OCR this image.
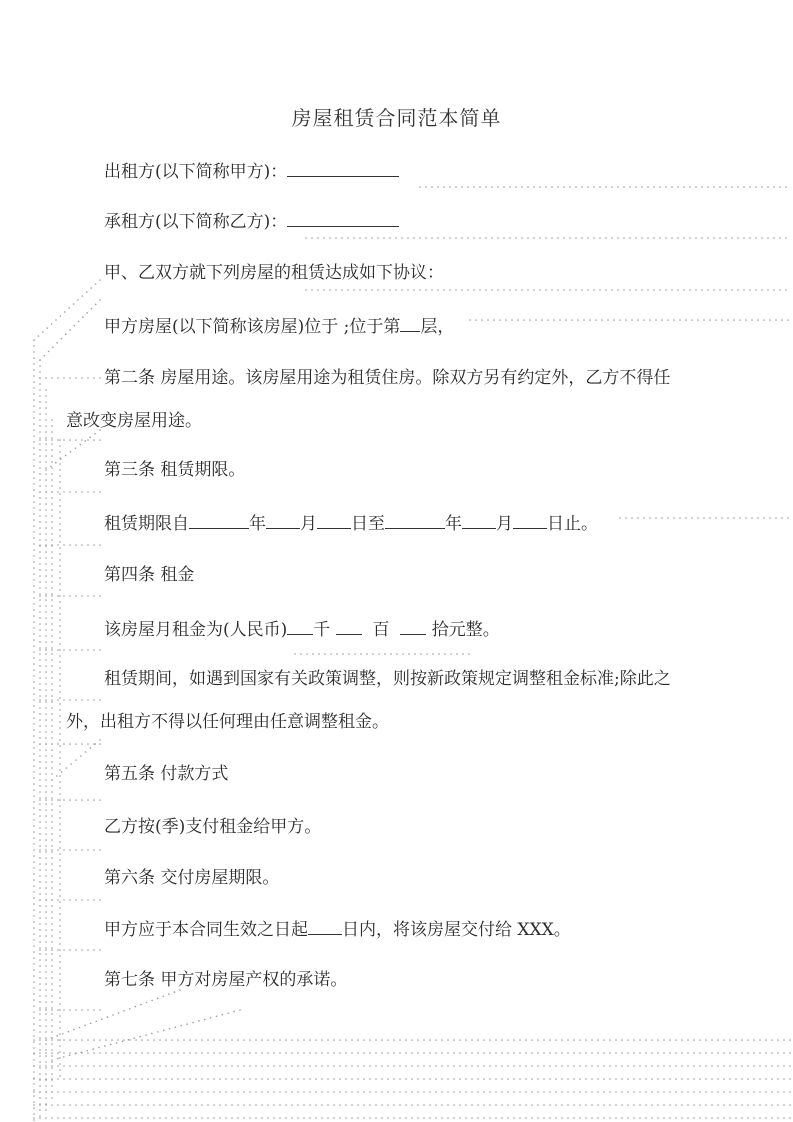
房屋租赁合同范本简单
出租方(以下简称甲方)：
承租方(以下简称乙方)：
甲、乙双方就下列房屋的租赁达成如下协议：
甲方房屋(以下简称该房屋)位于 ;位于第 层，
第二条 房屋用途。该房屋用途为租赁住房。除双方另有约定外，乙方不得任
意改变房屋用途。
第三条 租赁期限。
租赁期限自	年 月 日至	年 月 日止。
第四条 租金
该房屋月租金为(人民币) 千 百 拾元整。
租赁期间，如遇到国家有关政策调整，则按新政策规定调整租金标准;除此之
外，出租方不得以任何理由任意调整租金。
第五条 付款方式
乙方按(季)支付租金给甲方。
第六条 交付房屋期限。
甲方应于本合同生效之日起 日内，将该房屋交付给 XXX。
第七条 甲方对房屋产权的承诺。
